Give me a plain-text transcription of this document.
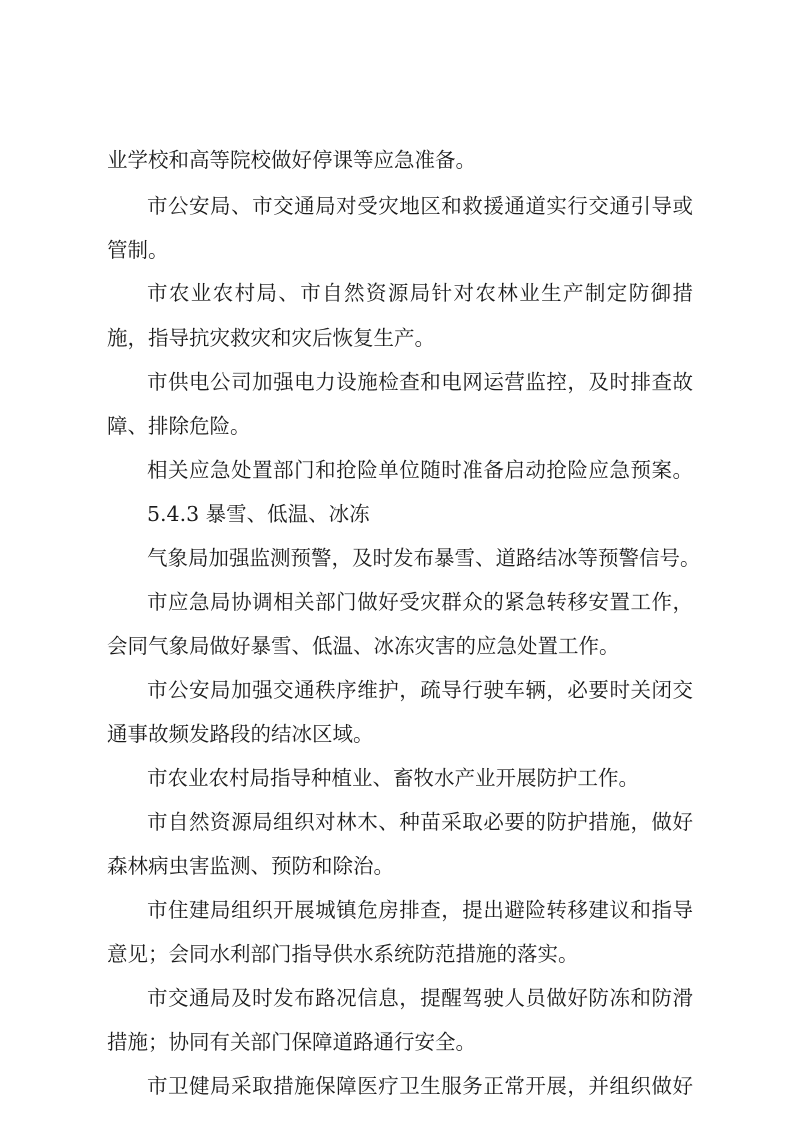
业学校和高等院校做好停课等应急准备。
市公安局、市交通局对受灾地区和救援通道实行交通引导或
管制。
市农业农村局、市自然资源局针对农林业生产制定防御措
施，指导抗灾救灾和灾后恢复生产。
市供电公司加强电力设施检查和电网运营监控，及时排查故
障、排除危险。
相关应急处置部门和抢险单位随时准备启动抢险应急预案。
5.4.3 暴雪、低温、冰冻
气象局加强监测预警，及时发布暴雪、道路结冰等预警信号。
市应急局协调相关部门做好受灾群众的紧急转移安置工作，
会同气象局做好暴雪、低温、冰冻灾害的应急处置工作。
市公安局加强交通秩序维护，疏导行驶车辆，必要时关闭交
通事故频发路段的结冰区域。
市农业农村局指导种植业、畜牧水产业开展防护工作。
市自然资源局组织对林木、种苗采取必要的防护措施，做好
森林病虫害监测、预防和除治。
市住建局组织开展城镇危房排查，提出避险转移建议和指导
意见；会同水利部门指导供水系统防范措施的落实。
市交通局及时发布路况信息，提醒驾驶人员做好防冻和防滑
措施；协同有关部门保障道路通行安全。
市卫健局采取措施保障医疗卫生服务正常开展，并组织做好
